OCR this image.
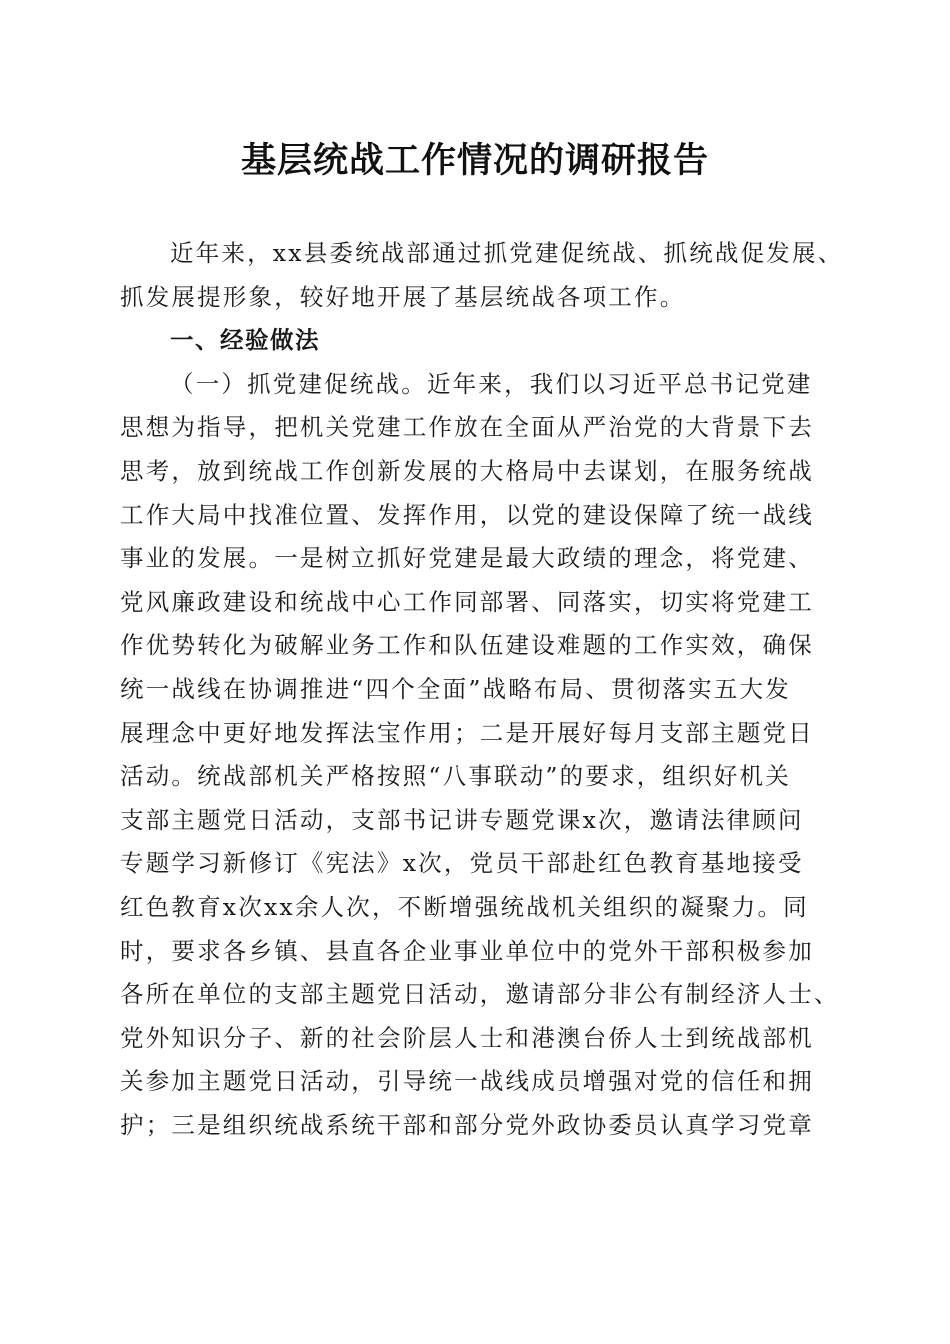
基层统战工作情况的调研报告
近年来，xx县委统战部通过抓党建促统战、抓统战促发展、
抓发展提形象，较好地开展了基层统战各项工作。
一、经验做法
（一）抓党建促统战。近年来，我们以习近平总书记党建
思想为指导，把机关党建工作放在全面从严治党的大背景下去
思考，放到统战工作创新发展的大格局中去谋划，在服务统战
工作大局中找准位置、发挥作用，以党的建设保障了统一战线
事业的发展。一是树立抓好党建是最大政绩的理念，将党建、
党风廉政建设和统战中心工作同部署、同落实，切实将党建工
作优势转化为破解业务工作和队伍建设难题的工作实效，确保
统一战线在协调推进“四个全面”战略布局、贯彻落实五大发
展理念中更好地发挥法宝作用；二是开展好每月支部主题党日
活动。统战部机关严格按照“八事联动”的要求，组织好机关
支部主题党日活动，支部书记讲专题党课x次，邀请法律顾问
专题学习新修订《宪法》x次，党员干部赴红色教育基地接受
红色教育x次xx余人次，不断增强统战机关组织的凝聚力。同
时，要求各乡镇、县直各企业事业单位中的党外干部积极参加
各所在单位的支部主题党日活动，邀请部分非公有制经济人士、
党外知识分子、新的社会阶层人士和港澳台侨人士到统战部机
关参加主题党日活动，引导统一战线成员增强对党的信任和拥
护；三是组织统战系统干部和部分党外政协委员认真学习党章
